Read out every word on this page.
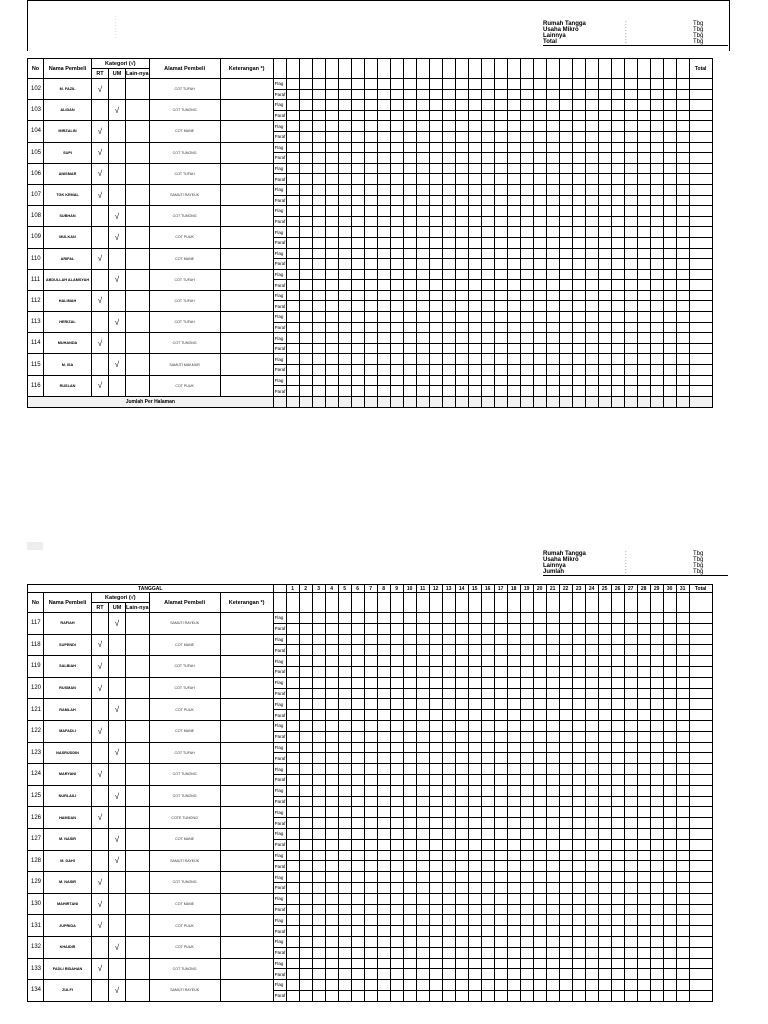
:
:
:
:
Rumah Tangga	:	Tbg
Usaha Mikro	:	Tbg
Lainnya	:	Tbg
Total	:	Tbg
No	Nama Pembeli	Kategori (√)			Alamat Pembeli	Keterangan *)																																	Total
		RT	UM	Lain-nya																																			
102	M. FAZIL	√			COT TUFAH		Flag																																
							Paraf																																
103	ALIDAN		√		COT TUNONG		Flag																																
							Paraf																																
104	MIRZALIN	√			COT MANE		Flag																																
							Paraf																																
105	SUPI	√			COT TUNONG		Flag																																
							Paraf																																
106	ANISMAR	√			COT TUFAH		Flag																																
							Paraf																																
107	TGK KEMAL	√			SAMUTI RAYEUK		Flag																																
							Paraf																																
108	SUBHAN		√		COT TUNONG		Flag																																
							Paraf																																
109	MULKAN		√		COT PUUK		Flag																																
							Paraf																																
110	ARIFAL	√			COT MANE		Flag																																
							Paraf																																
111	ABDULLAH ALAMSYAH		√		COT TUFAH		Flag																																
							Paraf																																
112	HALIMAH	√			COT TUFAH		Flag																																
							Paraf																																
113	HERIZAL		√		COT TUFAH		Flag																																
							Paraf																																
114	MUHANDA	√			COT TUNONG		Flag																																
							Paraf																																
115	M. ISA		√		SAMUTI MAKMUR		Flag																																
							Paraf																																
116	RUSLAN	√			COT PUUK		Flag																																
							Paraf																																
Jumlah Per Halaman																																							
Rumah Tangga	:	Tbg
Usaha Mikro	:	Tbg
Lainnya	:	Tbg
Jumlah	:	Tbg
TANGGAL								1	2	3	4	5	6	7	8	9	10	11	12	13	14	15	16	17	18	19	20	21	22	23	24	25	26	27	28	29	30	31	Total
No	Nama Pembeli	Kategori (√)			Alamat Pembeli	Keterangan *)																																	
		RT	UM	Lain-nya																																			
117	RAFIAH		√		SAMUTI RAYEUK		Flag																																
							Paraf																																
118	SUPENDI	√			COT MANE		Flag																																
							Paraf																																
119	SALBIAH	√			COT TUFAH		Flag																																
							Paraf																																
120	RUSMAN	√			COT TUFAH		Flag																																
							Paraf																																
121	RAMLAH		√		COT PUUK		Flag																																
							Paraf																																
122	MAFADLI	√			COT MANE		Flag																																
							Paraf																																
123	NASRUDDIN		√		COT TUFAH		Flag																																
							Paraf																																
124	MARYANI	√			COT TUNONG		Flag																																
							Paraf																																
125	NURLAILI		√		COT TUNONG		Flag																																
							Paraf																																
126	HAMDAN	√			COTE TUNONG		Flag																																
							Paraf																																
127	M. NASIR		√		COT MANE		Flag																																
							Paraf																																
128	M. DAHI		√		SAMUTI RAYEUK		Flag																																
							Paraf																																
129	M. NASIR	√			COT TUNONG		Flag																																
							Paraf																																
130	MAHIRTANI	√			COT MANE		Flag																																
							Paraf																																
131	JUPRIDA	√			COT PUUK		Flag																																
							Paraf																																
132	KHAIDIR		√		COT PUUK		Flag																																
							Paraf																																
133	FADLI RIDAHAN	√			COT TUNONG		Flag																																
							Paraf																																
134	ZULFI		√		SAMUTI RAYEUK		Flag																																
							Paraf																																
